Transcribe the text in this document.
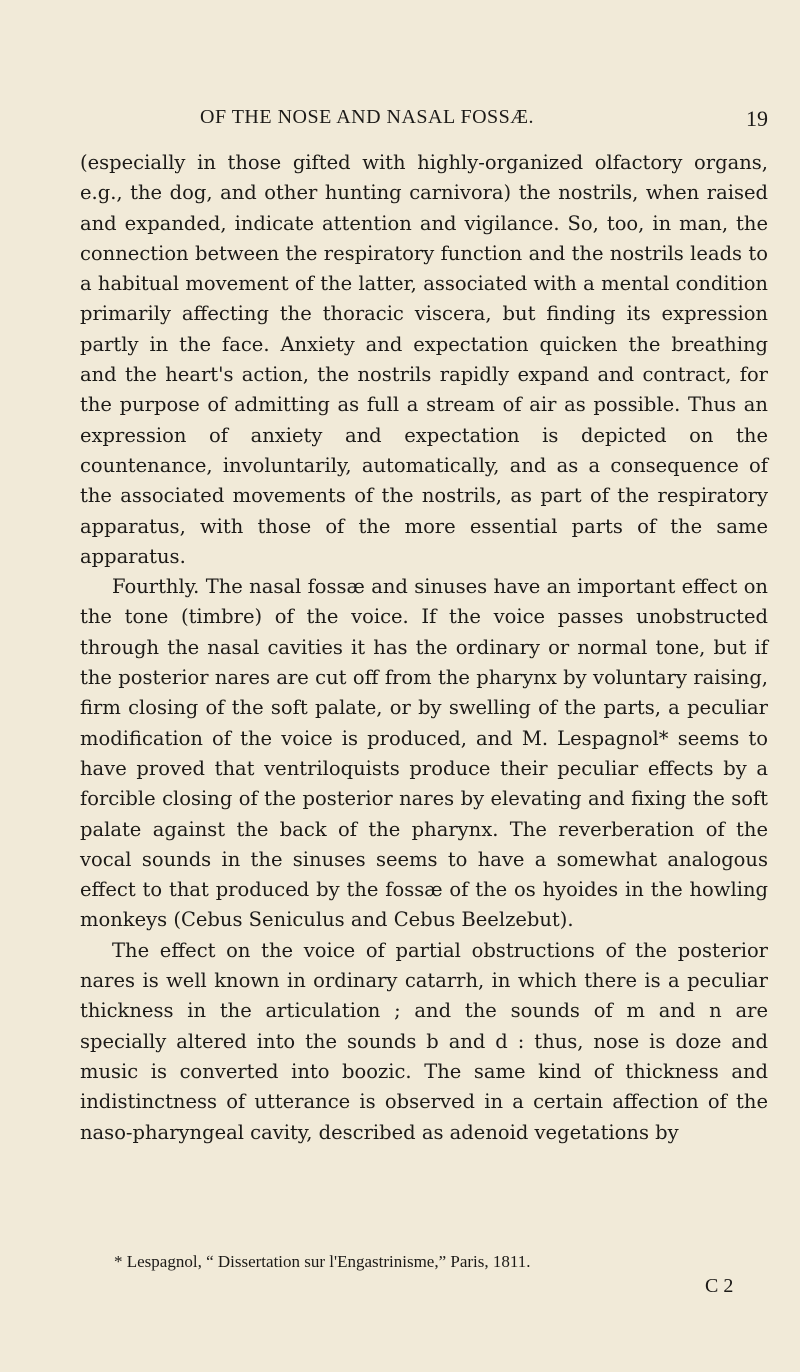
OF THE NOSE AND NASAL FOSSÆ.	19

(especially in those gifted with highly-organized olfactory organs, e.g., the dog, and other hunting carnivora) the nostrils, when raised and expanded, indicate attention and vigilance. So, too, in man, the connection between the respiratory function and the nostrils leads to a habitual movement of the latter, associated with a mental condition primarily affecting the thoracic viscera, but finding its expression partly in the face. Anxiety and expectation quicken the breathing and the heart's action, the nostrils rapidly expand and contract, for the purpose of admitting as full a stream of air as possible. Thus an expression of anxiety and expectation is depicted on the countenance, involuntarily, automatically, and as a consequence of the associated movements of the nostrils, as part of the respiratory apparatus, with those of the more essential parts of the same apparatus.

Fourthly. The nasal fossæ and sinuses have an important effect on the tone (timbre) of the voice. If the voice passes unobstructed through the nasal cavities it has the ordinary or normal tone, but if the posterior nares are cut off from the pharynx by voluntary raising, firm closing of the soft palate, or by swelling of the parts, a peculiar modification of the voice is produced, and M. Lespagnol* seems to have proved that ventriloquists produce their peculiar effects by a forcible closing of the posterior nares by elevating and fixing the soft palate against the back of the pharynx. The reverberation of the vocal sounds in the sinuses seems to have a somewhat analogous effect to that produced by the fossæ of the os hyoides in the howling monkeys (Cebus Seniculus and Cebus Beelzebut).

The effect on the voice of partial obstructions of the posterior nares is well known in ordinary catarrh, in which there is a peculiar thickness in the articulation ; and the sounds of m and n are specially altered into the sounds b and d : thus, nose is doze and music is converted into boozic. The same kind of thickness and indistinctness of utterance is observed in a certain affection of the naso-pharyngeal cavity, described as adenoid vegetations by

* Lespagnol, “ Dissertation sur l'Engastrinisme,” Paris, 1811.
C 2
